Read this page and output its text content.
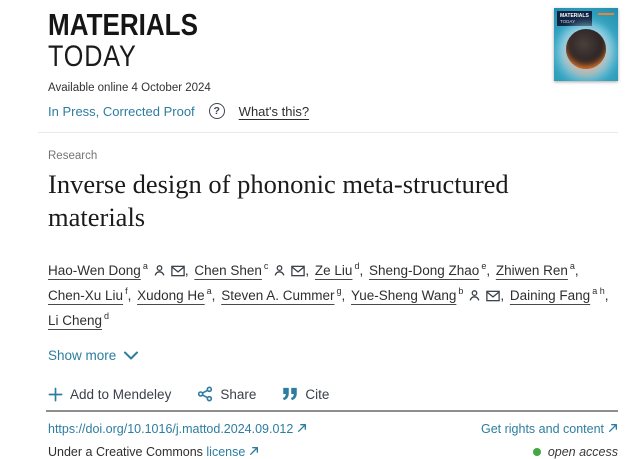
MATERIALS
TODAY
Available online 4 October 2024
In Press, Corrected Proof	?	What's this?
MATERIALS
TODAY
Research
Inverse design of phononic meta-structured materials
Hao-Wen Dong $^a$	, Chen Shen $^c$	, Ze Liu $^d$, Sheng-Dong Zhao $^e$, Zhiwen Ren $^a$, Chen-Xu Liu $^f$, Xudong He $^a$, Steven A. Cummer $^g$, Yue-Sheng Wang $^b$	, Daining Fang $^{a h}$, Li Cheng $^d$
Show more
Add to Mendeley	Share	Cite
https://doi.org/10.1016/j.mattod.2024.09.012	Get rights and content
Under a Creative Commons license	open access
